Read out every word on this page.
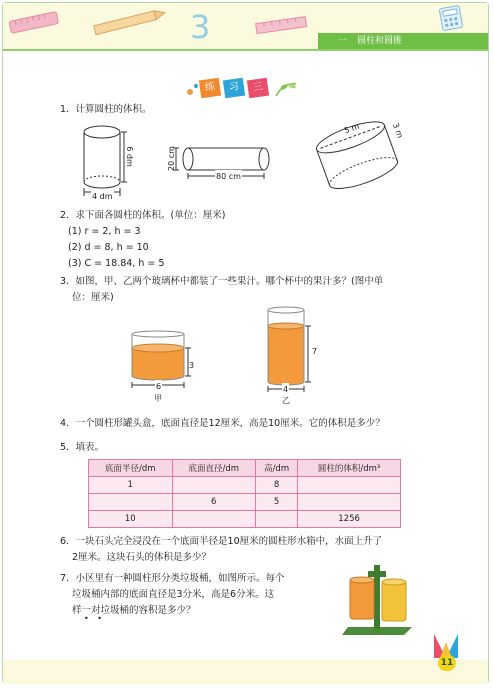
3	一 圆柱和圆锥
练	习	三
1．计算圆柱的体积。
6 dm
4 dm
20 cm
80 cm
5 m	3 m
2．求下面各圆柱的体积。(单位：厘米)
(1) r = 2, h = 3
(2) d = 8, h = 10
(3) C = 18.84, h = 5
3．如图，甲、乙两个玻璃杯中都装了一些果汁。哪个杯中的果汁多？(图中单
位：厘米)
3
6
甲
7
4
乙
4．一个圆柱形罐头盒，底面直径是12厘米，高是10厘米。它的体积是多少？
5．填表。
底面半径/dm	底面直径/dm	高/dm	圆柱的体积/dm³
1		8	
	6	5	
10			1256
6．一块石头完全浸没在一个底面半径是10厘米的圆柱形水箱中，水面上升了
2厘米。这块石头的体积是多少？
7．小区里有一种圆柱形分类垃圾桶，如图所示。每个
垃圾桶内部的底面直径是3分米，高是6分米。这
样一对垃圾桶的容积是多少？
• •
11
